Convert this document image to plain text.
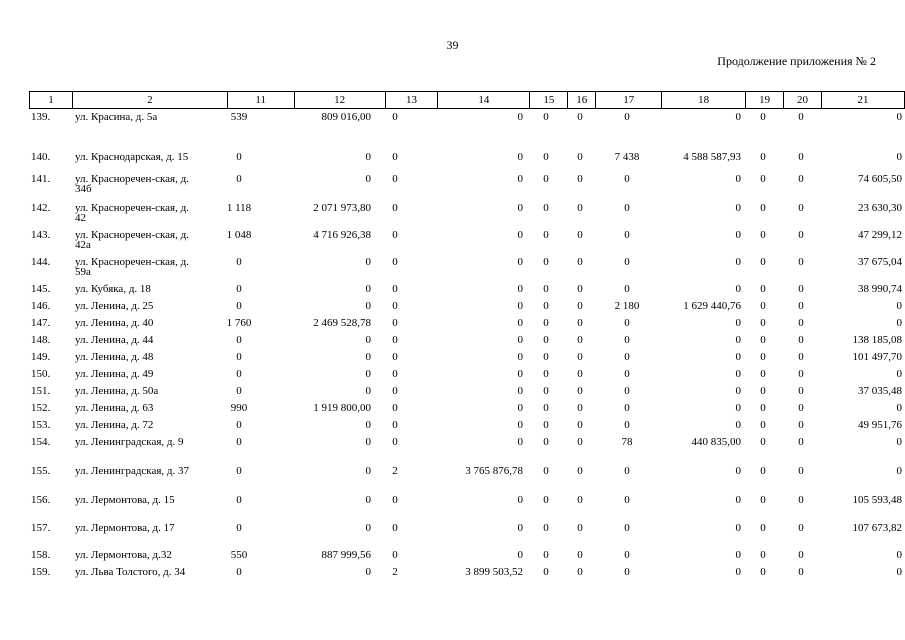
39
Продолжение приложения № 2
1	2	11	12	13	14	15	16	17	18	19	20	21
139.	ул. Красина, д. 5а	539	809 016,00	0	0	0	0	0	0	0	0	0
140.	ул. Краснодарская, д. 15	0	0	0	0	0	0	7 438	4 588 587,93	0	0	0
141.	ул. Красноречен-ская, д. 34б	0	0	0	0	0	0	0	0	0	0	74 605,50
142.	ул. Красноречен-ская, д. 42	1 118	2 071 973,80	0	0	0	0	0	0	0	0	23 630,30
143.	ул. Красноречен-ская, д. 42а	1 048	4 716 926,38	0	0	0	0	0	0	0	0	47 299,12
144.	ул. Красноречен-ская, д. 59а	0	0	0	0	0	0	0	0	0	0	37 675,04
145.	ул. Кубяка, д. 18	0	0	0	0	0	0	0	0	0	0	38 990,74
146.	ул. Ленина, д. 25	0	0	0	0	0	0	2 180	1 629 440,76	0	0	0
147.	ул. Ленина, д. 40	1 760	2 469 528,78	0	0	0	0	0	0	0	0	0
148.	ул. Ленина, д. 44	0	0	0	0	0	0	0	0	0	0	138 185,08
149.	ул. Ленина, д. 48	0	0	0	0	0	0	0	0	0	0	101 497,70
150.	ул. Ленина, д. 49	0	0	0	0	0	0	0	0	0	0	0
151.	ул. Ленина, д. 50а	0	0	0	0	0	0	0	0	0	0	37 035,48
152.	ул. Ленина, д. 63	990	1 919 800,00	0	0	0	0	0	0	0	0	0
153.	ул. Ленина, д. 72	0	0	0	0	0	0	0	0	0	0	49 951,76
154.	ул. Ленинградская, д. 9	0	0	0	0	0	0	78	440 835,00	0	0	0
155.	ул. Ленинградская, д. 37	0	0	2	3 765 876,78	0	0	0	0	0	0	0
156.	ул. Лермонтова, д. 15	0	0	0	0	0	0	0	0	0	0	105 593,48
157.	ул. Лермонтова, д. 17	0	0	0	0	0	0	0	0	0	0	107 673,82
158.	ул. Лермонтова, д.32	550	887 999,56	0	0	0	0	0	0	0	0	0
159.	ул. Льва Толстого, д. 34	0	0	2	3 899 503,52	0	0	0	0	0	0	0
